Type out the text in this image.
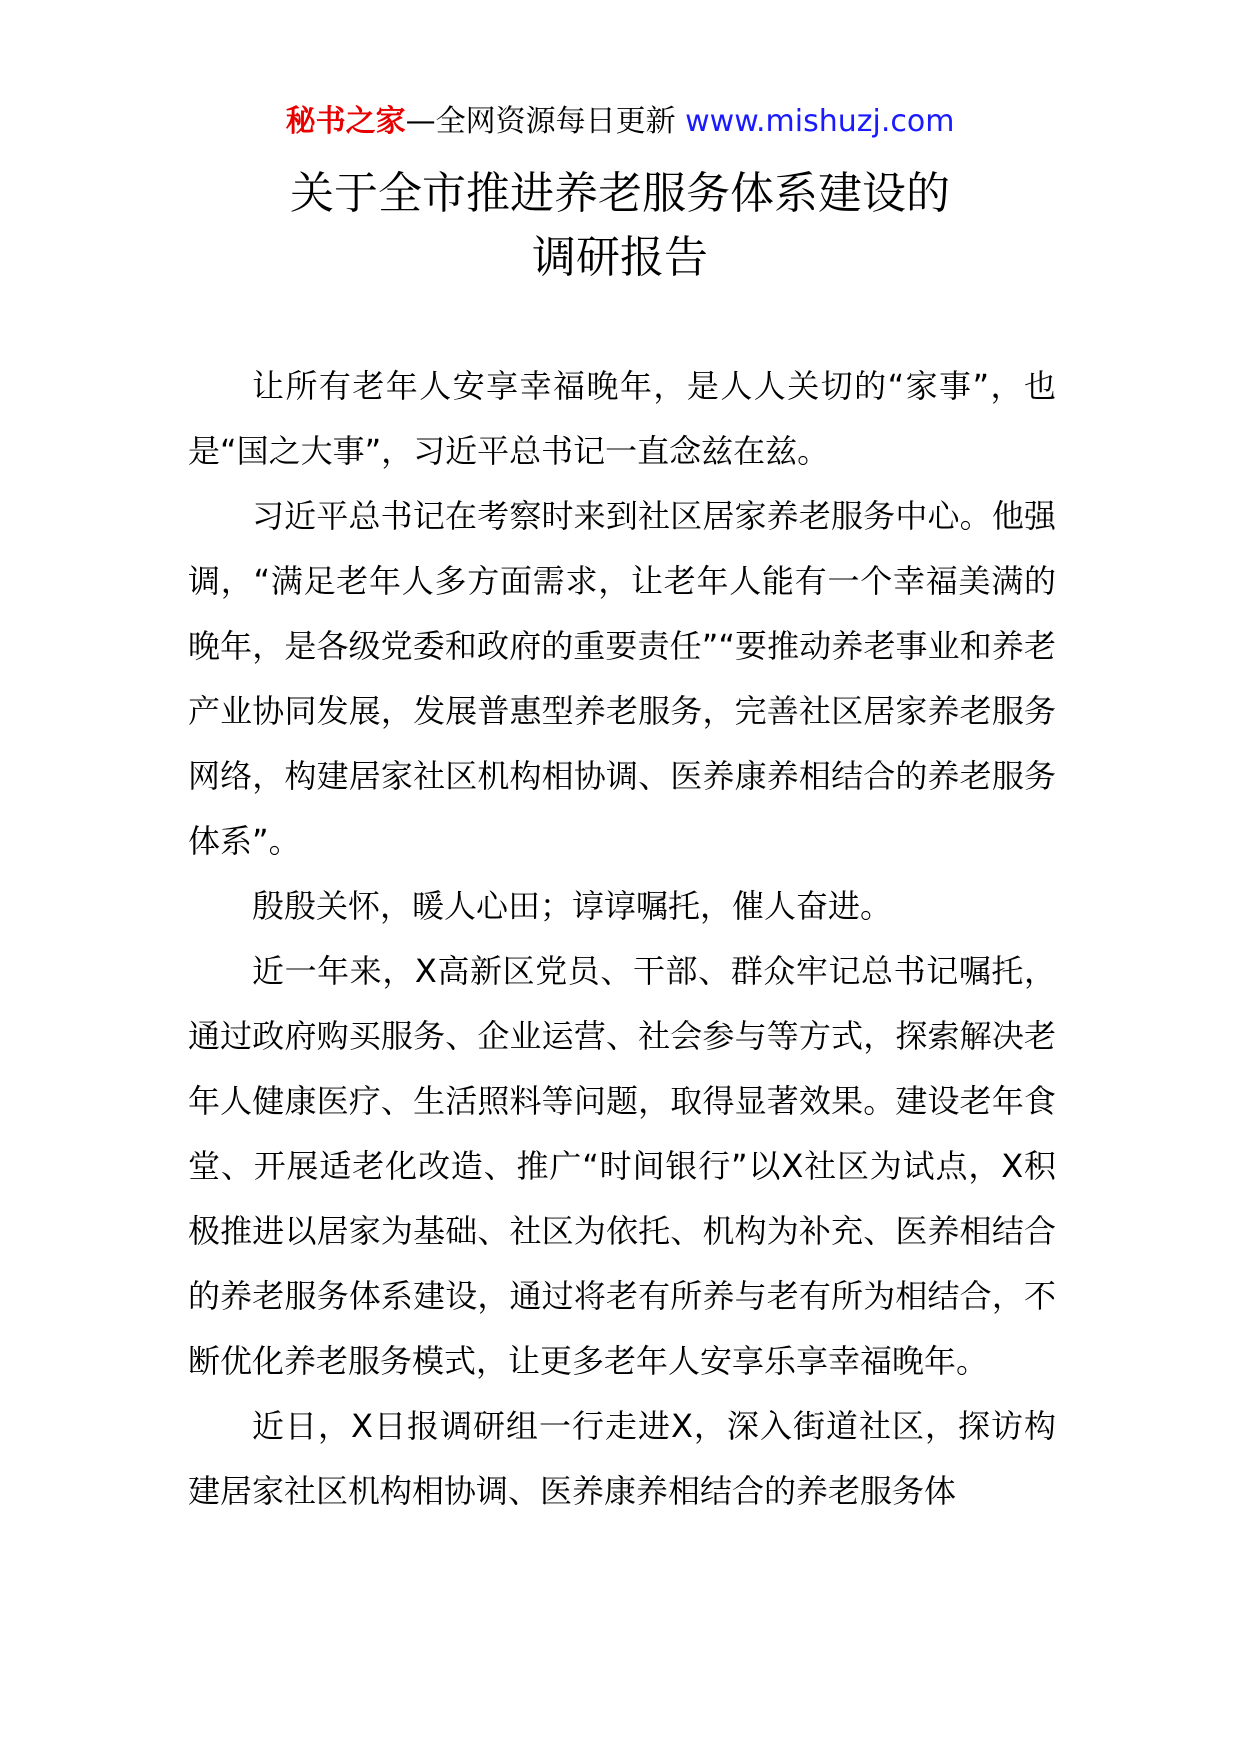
秘书之家—全网资源每日更新 www.mishuzj.com
关于全市推进养老服务体系建设的
调研报告

让所有老年人安享幸福晚年，是人人关切的“家事”，也是“国之大事”，习近平总书记一直念兹在兹。

习近平总书记在考察时来到社区居家养老服务中心。他强调，“满足老年人多方面需求，让老年人能有一个幸福美满的晚年，是各级党委和政府的重要责任”“要推动养老事业和养老产业协同发展，发展普惠型养老服务，完善社区居家养老服务网络，构建居家社区机构相协调、医养康养相结合的养老服务体系”。

殷殷关怀，暖人心田；谆谆嘱托，催人奋进。

近一年来，X高新区党员、干部、群众牢记总书记嘱托，通过政府购买服务、企业运营、社会参与等方式，探索解决老年人健康医疗、生活照料等问题，取得显著效果。建设老年食堂、开展适老化改造、推广“时间银行”以X社区为试点，X积极推进以居家为基础、社区为依托、机构为补充、医养相结合的养老服务体系建设，通过将老有所养与老有所为相结合，不断优化养老服务模式，让更多老年人安享乐享幸福晚年。

近日，X日报调研组一行走进X，深入街道社区，探访构建居家社区机构相协调、医养康养相结合的养老服务体
